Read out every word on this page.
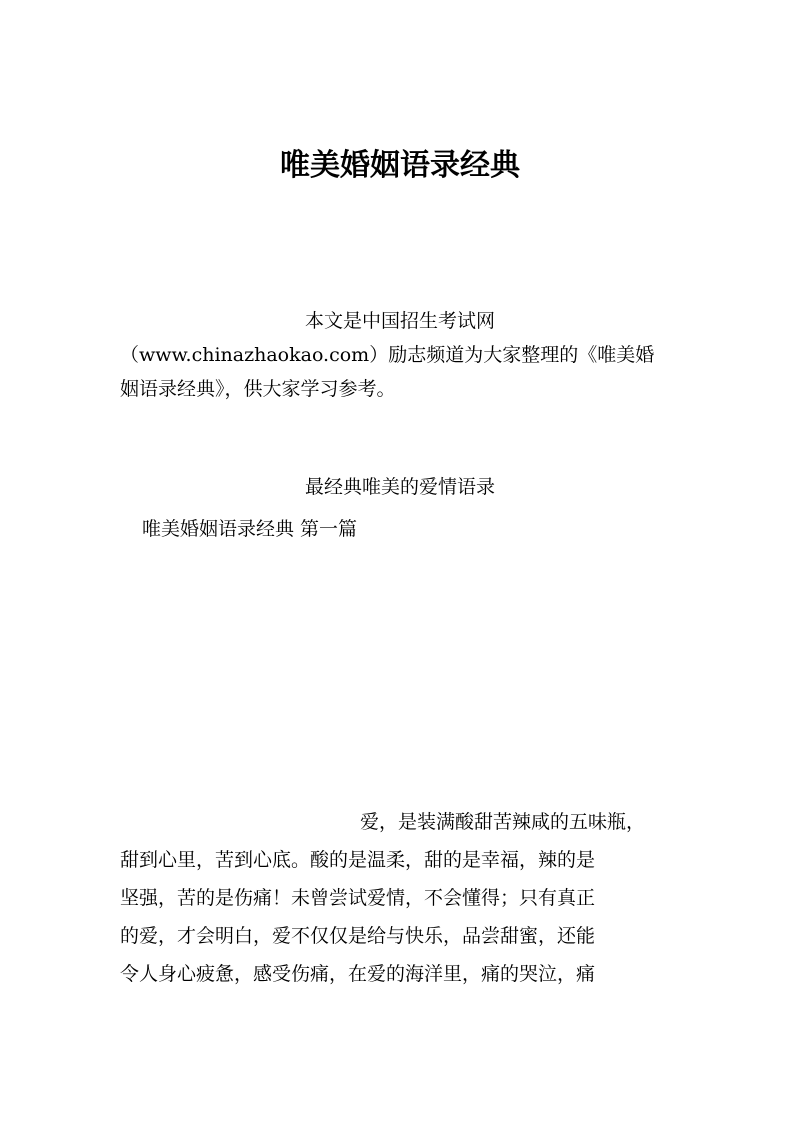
唯美婚姻语录经典
本文是中国招生考试网
（www.chinazhaokao.com）励志频道为大家整理的《唯美婚
姻语录经典》，供大家学习参考。
最经典唯美的爱情语录
唯美婚姻语录经典 第一篇
爱，是装满酸甜苦辣咸的五味瓶，
甜到心里，苦到心底。酸的是温柔，甜的是幸福，辣的是
坚强，苦的是伤痛！未曾尝试爱情，不会懂得；只有真正
的爱，才会明白，爱不仅仅是给与快乐，品尝甜蜜，还能
令人身心疲惫，感受伤痛，在爱的海洋里，痛的哭泣，痛
